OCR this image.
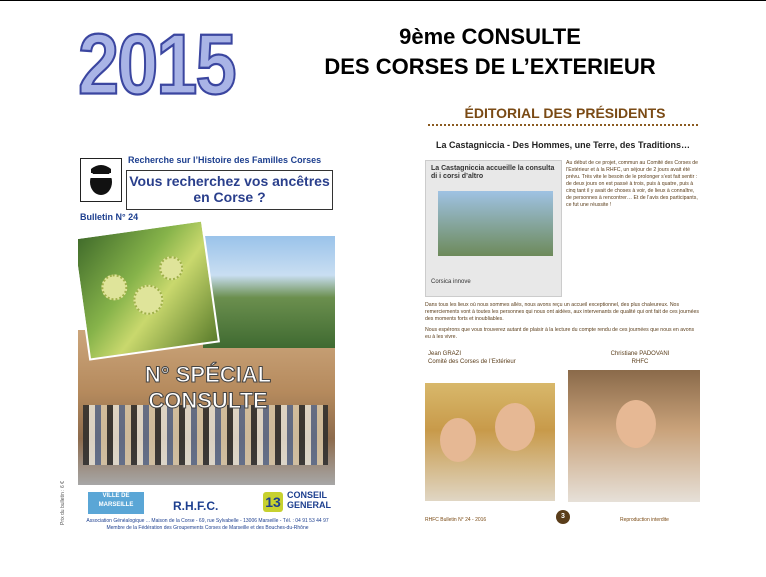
2015	9ème CONSULTE
DES CORSES DE L’EXTERIEUR
Recherche sur l’Histoire des Familles Corses
Vous recherchez vos ancêtres en Corse ?
Bulletin N° 24
N° SPÉCIAL CONSULTE
VILLE DE MARSEILLE	R.H.F.C.	13 CONSEIL GENERAL
Association Généalogique ... Maison de la Corse - 69, rue Sylvabelle - 13006 Marseille - Tél. : 04 91 53 44 97 Membre de la Fédération des Groupements Corses de Marseille et des Bouches-du-Rhône
Prix du bulletin : 6 €
ÉDITORIAL DES PRÉSIDENTS
La Castagniccia - Des Hommes, une Terre, des Traditions…
La Castagniccia accueille la consulta di i corsi d’altro
Corsica innove

Au début de ce projet, commun au Comité des Corses de l’Extérieur et à la RHFC, un séjour de 2 jours avait été prévu. Très vite le besoin de le prolonger s’est fait sentir : de deux jours on est passé à trois, puis à quatre, puis à cinq tant il y avait de choses à voir, de lieux à connaître, de personnes à rencontrer… Et de l’avis des participants, ce fut une réussite !

Dans tous les lieux où nous sommes allés, nous avons reçu un accueil exceptionnel, des plus chaleureux. Nos remerciements vont à toutes les personnes qui nous ont aidées, aux intervenants de qualité qui ont fait de ces journées des moments forts et inoubliables.

Nous espérons que vous trouverez autant de plaisir à la lecture du compte rendu de ces journées que nous en avons eu à les vivre.

Jean GRAZI
Comité des Corses de l’Extérieur
Christiane PADOVANI
RHFC
RHFC Bulletin N° 24 - 2016	3	Reproduction interdite
